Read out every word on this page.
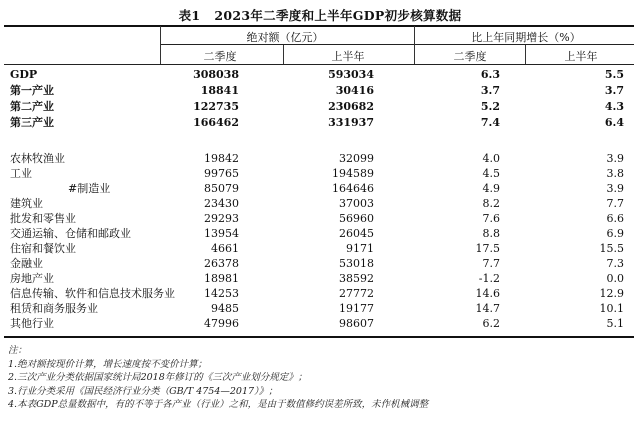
表1 2023年二季度和上半年GDP初步核算数据
绝对额（亿元）	比上年同期增长（%）
二季度	上半年	二季度	上半年
GDP	308038	593034	6.3	5.5
第一产业	18841	30416	3.7	3.7
第二产业	122735	230682	5.2	4.3
第三产业	166462	331937	7.4	6.4
农林牧渔业	19842	32099	4.0	3.9
工业	99765	194589	4.5	3.8
#制造业	85079	164646	4.9	3.9
建筑业	23430	37003	8.2	7.7
批发和零售业	29293	56960	7.6	6.6
交通运输、仓储和邮政业	13954	26045	8.8	6.9
住宿和餐饮业	4661	9171	17.5	15.5
金融业	26378	53018	7.7	7.3
房地产业	18981	38592	-1.2	0.0
信息传输、软件和信息技术服务业	14253	27772	14.6	12.9
租赁和商务服务业	9485	19177	14.7	10.1
其他行业	47996	98607	6.2	5.1
注：
1.绝对额按现价计算，增长速度按不变价计算；
2.三次产业分类依据国家统计局2018年修订的《三次产业划分规定》；
3.行业分类采用《国民经济行业分类（GB/T 4754—2017）》；
4.本表GDP总量数据中，有的不等于各产业（行业）之和，是由于数值修约误差所致，未作机械调整
